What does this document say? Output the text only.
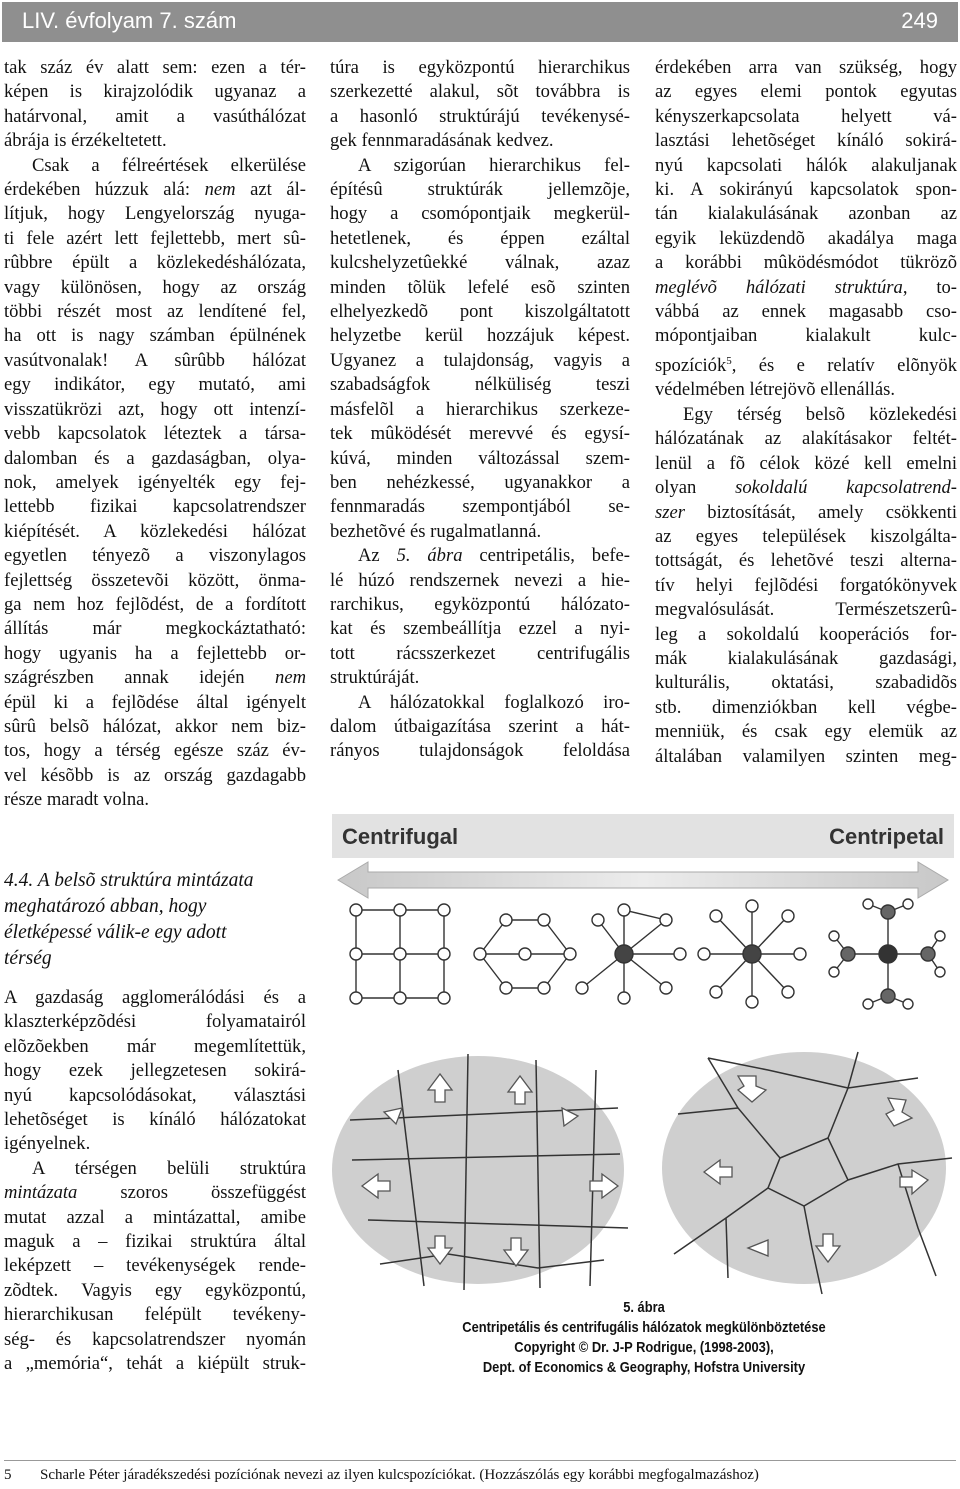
LIV. évfolyam 7. szám	249
tak száz év alatt sem: ezen a tér-
képen is kirajzolódik ugyanaz a
határvonal, amit a vasúthálózat
ábrája is érzékeltetett.
Csak a félreértések elkerülése
érdekében húzzuk alá: nem azt ál-
lítjuk, hogy Lengyelország nyuga-
ti fele azért lett fejlettebb, mert sû-
rûbbre épült a közlekedéshálózata,
vagy különösen, hogy az ország
többi részét most az lendítené fel,
ha ott is nagy számban épülnének
vasútvonalak! A sûrûbb hálózat
egy indikátor, egy mutató, ami
visszatükrözi azt, hogy ott intenzí-
vebb kapcsolatok léteztek a társa-
dalomban és a gazdaságban, olya-
nok, amelyek igényelték egy fej-
lettebb fizikai kapcsolatrendszer
kiépítését. A közlekedési hálózat
egyetlen tényezõ a viszonylagos
fejlettség összetevõi között, önma-
ga nem hoz fejlõdést, de a fordított
állítás már megkockáztatható:
hogy ugyanis ha a fejlettebb or-
szágrészben annak idején nem
épül ki a fejlõdése által igényelt
sûrû belsõ hálózat, akkor nem biz-
tos, hogy a térség egésze száz év-
vel késõbb is az ország gazdagabb
része maradt volna.
4.4. A belsõ struktúra mintázata
meghatározó abban, hogy
életképessé válik-e egy adott
térség
A gazdaság agglomerálódási és a
klaszterképzõdési folyamatairól
elõzõekben már megemlítettük,
hogy ezek jellegzetesen sokirá-
nyú kapcsolódásokat, választási
lehetõséget is kínáló hálózatokat
igényelnek.
A térségen belüli struktúra
mintázata szoros összefüggést
mutat azzal a mintázattal, amibe
maguk a – fizikai struktúra által
leképzett – tevékenységek rende-
zõdtek. Vagyis egy egyközpontú,
hierarchikusan felépült tevékeny-
ség- és kapcsolatrendszer nyomán
a „memória“, tehát a kiépült struk-
túra is egyközpontú hierarchikus
szerkezetté alakul, sõt továbbra is
a hasonló struktúrájú tevékenysé-
gek fennmaradásának kedvez.
A szigorúan hierarchikus fel-
építésû struktúrák jellemzõje,
hogy a csomópontjaik megkerül-
hetetlenek, és éppen ezáltal
kulcshelyzetûekké válnak, azaz
minden tõlük lefelé esõ szinten
elhelyezkedõ pont kiszolgáltatott
helyzetbe kerül hozzájuk képest.
Ugyanez a tulajdonság, vagyis a
szabadságfok nélküliség teszi
másfelõl a hierarchikus szerkeze-
tek mûködését merevvé és egysí-
kúvá, minden változással szem-
ben nehézkessé, ugyanakkor a
fennmaradás szempontjából se-
bezhetõvé és rugalmatlanná.
Az 5. ábra centripetális, befe-
lé húzó rendszernek nevezi a hie-
rarchikus, egyközpontú hálózato-
kat és szembeállítja ezzel a nyi-
tott rácsszerkezet centrifugális
struktúráját.
A hálózatokkal foglalkozó iro-
dalom útbaigazítása szerint a hát-
rányos tulajdonságok feloldása
érdekében arra van szükség, hogy
az egyes elemi pontok egyutas
kényszerkapcsolata helyett vá-
lasztási lehetõséget kínáló sokirá-
nyú kapcsolati hálók alakuljanak
ki. A sokirányú kapcsolatok spon-
tán kialakulásának azonban az
egyik leküzdendõ akadálya maga
a korábbi mûködésmódot tükrözõ
meglévõ hálózati struktúra, to-
vábbá az ennek magasabb cso-
mópontjaiban kialakult kulc-
spozíciók$^5$, és e relatív elõnyök
védelmében létrejövõ ellenállás.
Egy térség belsõ közlekedési
hálózatának az alakításakor feltét-
lenül a fõ célok közé kell emelni
olyan sokoldalú kapcsolatrend-
szer biztosítását, amely csökkenti
az egyes települések kiszolgálta-
tottságát, és lehetõvé teszi alterna-
tív helyi fejlõdési forgatókönyvek
megvalósulását. Természetszerû-
leg a sokoldalú kooperációs for-
mák kialakulásának gazdasági,
kulturális, oktatási, szabadidõs
stb. dimenziókban kell végbe-
menniük, és csak egy elemük az
általában valamilyen szinten meg-
Centrifugal	Centripetal
5. ábra
Centripetális és centrifugális hálózatok megkülönböztetése
Copyright © Dr. J-P Rodrigue, (1998-2003),
Dept. of Economics & Geography, Hofstra University
5 Scharle Péter járadékszedési pozíciónak nevezi az ilyen kulcspozíciókat. (Hozzászólás egy korábbi megfogalmazáshoz)
